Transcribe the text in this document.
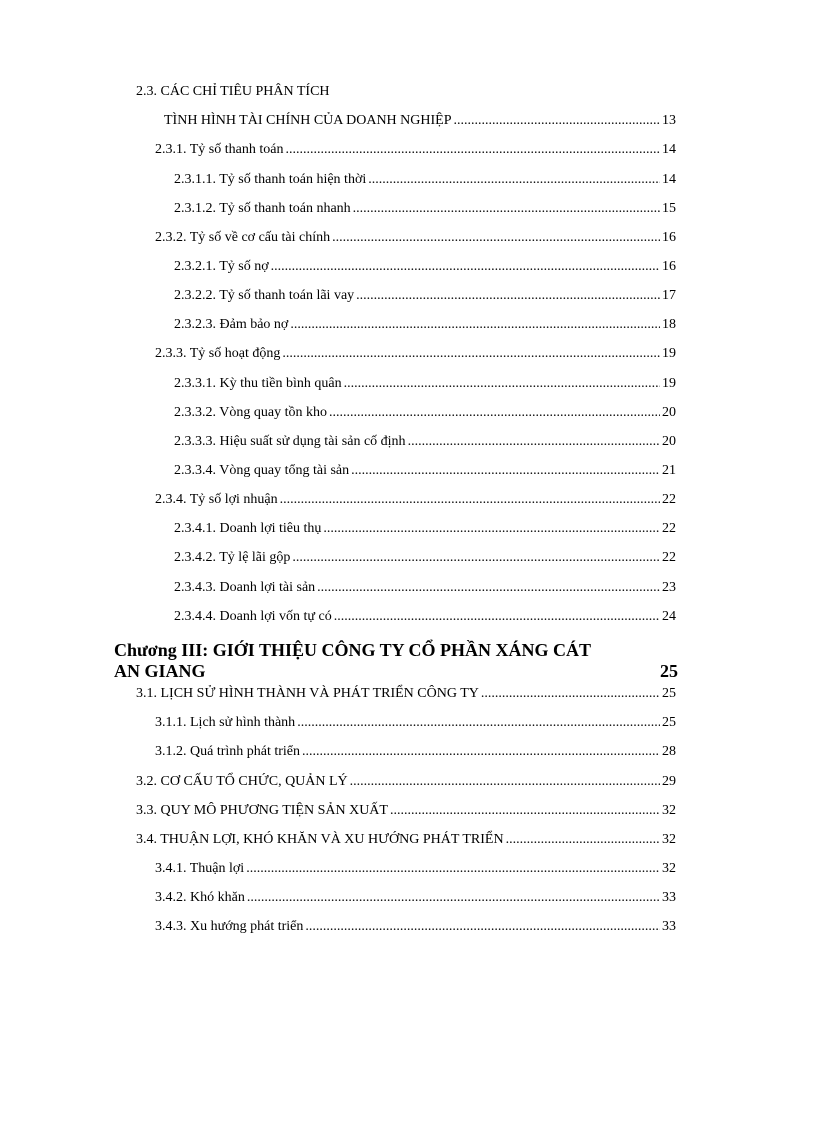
2.3. CÁC CHỈ TIÊU PHÂN TÍCH
TÌNH HÌNH TÀI CHÍNH CỦA DOANH NGHIỆP .....	13
2.3.1. Tỷ số thanh toán .....	14
2.3.1.1. Tỷ số thanh toán hiện thời .....	14
2.3.1.2. Tỷ số thanh toán nhanh .....	15
2.3.2. Tỷ số về cơ cấu tài chính .....	16
2.3.2.1. Tỷ số nợ .....	16
2.3.2.2. Tỷ số thanh toán lãi vay .....	17
2.3.2.3. Đảm bảo nợ .....	18
2.3.3. Tỷ số hoạt động .....	19
2.3.3.1. Kỳ thu tiền bình quân .....	19
2.3.3.2. Vòng quay tồn kho .....	20
2.3.3.3. Hiệu suất sử dụng tài sản cố định .....	20
2.3.3.4. Vòng quay tổng tài sản .....	21
2.3.4. Tỷ số lợi nhuận .....	22
2.3.4.1. Doanh lợi tiêu thụ .....	22
2.3.4.2. Tỷ lệ lãi gộp .....	22
2.3.4.3. Doanh lợi tài sản .....	23
2.3.4.4. Doanh lợi vốn tự có .....	24
Chương III: GIỚI THIỆU CÔNG TY CỔ PHẦN XÁNG CÁT
AN GIANG	25
3.1. LỊCH SỬ HÌNH THÀNH VÀ PHÁT TRIỂN CÔNG TY .....	25
3.1.1. Lịch sử hình thành .....	25
3.1.2. Quá trình phát triển .....	28
3.2. CƠ CẤU TỔ CHỨC, QUẢN LÝ .....	29
3.3. QUY MÔ PHƯƠNG TIỆN SẢN XUẤT .....	32
3.4. THUẬN LỢI, KHÓ KHĂN VÀ XU HƯỚNG PHÁT TRIỂN .....	32
3.4.1. Thuận lợi .....	32
3.4.2. Khó khăn .....	33
3.4.3. Xu hướng phát triển .....	33
